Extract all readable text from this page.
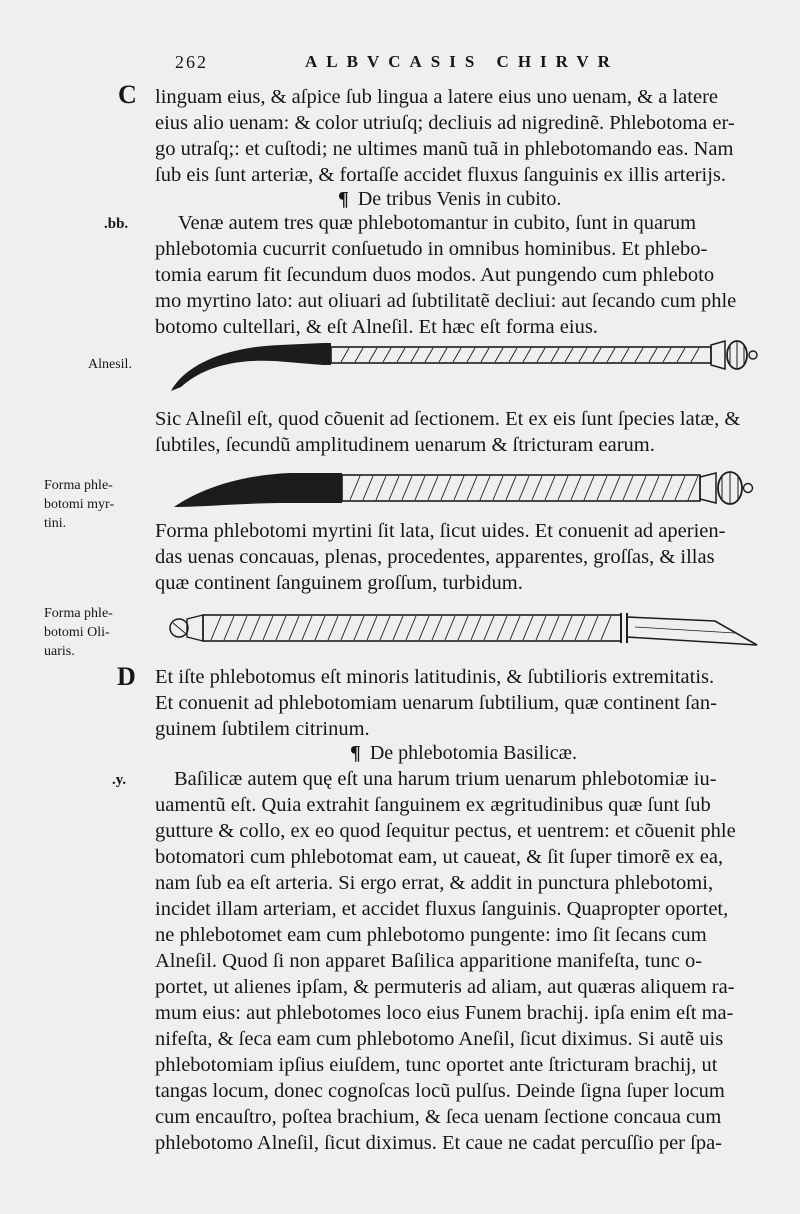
262	ALBVCASIS CHIRVR
C linguam eius, & aſpice ſub lingua a latere eius uno uenam, & a latere
eius alio uenam: & color utriuſq; decliuis ad nigredinẽ. Phlebotoma er-
go utraſq;: et cuſtodi; ne ultimes manũ tuã in phlebotomando eas. Nam
ſub eis ſunt arteriæ, & fortaſſe accidet fluxus ſanguinis ex illis arterijs.
¶ De tribus Venis in cubito.
.bb. Venæ autem tres quæ phlebotomantur in cubito, ſunt in quarum
phlebotomia cucurrit conſuetudo in omnibus hominibus. Et phlebo-
tomia earum fit ſecundum duos modos. Aut pungendo cum phleboto
mo myrtino lato: aut oliuari ad ſubtilitatẽ decliui: aut ſecando cum phle
botomo cultellari, & eſt Alneſil. Et hæc eſt forma eius.
Alnesil.
Sic Alneſil eſt, quod cõuenit ad ſectionem. Et ex eis ſunt ſpecies latæ, &
ſubtiles, ſecundũ amplitudinem uenarum & ſtricturam earum.
Forma phle-
botomi myr-
tini.	Forma phlebotomi myrtini ſit lata, ſicut uides. Et conuenit ad aperien-
das uenas concauas, plenas, procedentes, apparentes, groſſas, & illas
quæ continent ſanguinem groſſum, turbidum.
Forma phle-
botomi Oli-
uaris.
D Et iſte phlebotomus eſt minoris latitudinis, & ſubtilioris extremitatis.
Et conuenit ad phlebotomiam uenarum ſubtilium, quæ continent ſan-
guinem ſubtilem citrinum.
¶ De phlebotomia Basilicæ.
.y. Baſilicæ autem quę eſt una harum trium uenarum phlebotomiæ iu-
uamentũ eſt. Quia extrahit ſanguinem ex ægritudinibus quæ ſunt ſub
gutture & collo, ex eo quod ſequitur pectus, et uentrem: et cõuenit phle
botomatori cum phlebotomat eam, ut caueat, & ſit ſuper timorẽ ex ea,
nam ſub ea eſt arteria. Si ergo errat, & addit in punctura phlebotomi,
incidet illam arteriam, et accidet fluxus ſanguinis. Quapropter oportet,
ne phlebotomet eam cum phlebotomo pungente: imo ſit ſecans cum
Alneſil. Quod ſi non apparet Baſilica apparitione manifeſta, tunc o-
portet, ut alienes ipſam, & permuteris ad aliam, aut quæras aliquem ra-
mum eius: aut phlebotomes loco eius Funem brachij. ipſa enim eſt ma-
nifeſta, & ſeca eam cum phlebotomo Aneſil, ſicut diximus. Si autẽ uis
phlebotomiam ipſius eiuſdem, tunc oportet ante ſtricturam brachij, ut
tangas locum, donec cognoſcas locũ pulſus. Deinde ſigna ſuper locum
cum encauſtro, poſtea brachium, & ſeca uenam ſectione concaua cum
phlebotomo Alneſil, ſicut diximus. Et caue ne cadat percuſſio per ſpa-
